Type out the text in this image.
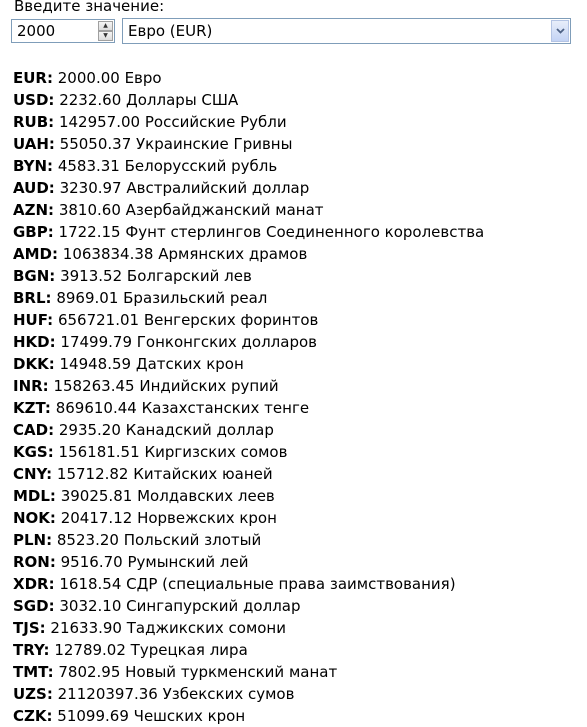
Введите значение:
2000	▲
▼	Евро (EUR)
EUR: 2000.00 Евро
USD: 2232.60 Доллары США
RUB: 142957.00 Российские Рубли
UAH: 55050.37 Украинские Гривны
BYN: 4583.31 Белорусский рубль
AUD: 3230.97 Австралийский доллар
AZN: 3810.60 Азербайджанский манат
GBP: 1722.15 Фунт стерлингов Соединенного королевства
AMD: 1063834.38 Армянских драмов
BGN: 3913.52 Болгарский лев
BRL: 8969.01 Бразильский реал
HUF: 656721.01 Венгерских форинтов
HKD: 17499.79 Гонконгских долларов
DKK: 14948.59 Датских крон
INR: 158263.45 Индийских рупий
KZT: 869610.44 Казахстанских тенге
CAD: 2935.20 Канадский доллар
KGS: 156181.51 Киргизских сомов
CNY: 15712.82 Китайских юаней
MDL: 39025.81 Молдавских леев
NOK: 20417.12 Норвежских крон
PLN: 8523.20 Польский злотый
RON: 9516.70 Румынский лей
XDR: 1618.54 СДР (специальные права заимствования)
SGD: 3032.10 Сингапурский доллар
TJS: 21633.90 Таджикских сомони
TRY: 12789.02 Турецкая лира
TMT: 7802.95 Новый туркменский манат
UZS: 21120397.36 Узбекских сумов
CZK: 51099.69 Чешских крон
